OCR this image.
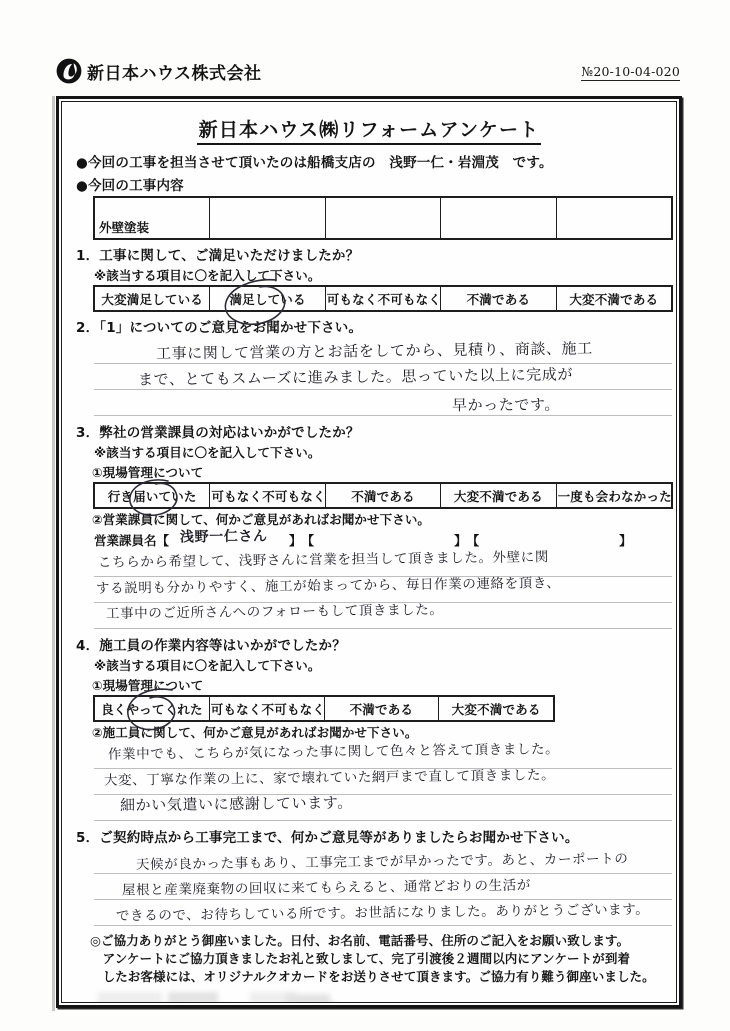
新日本ハウス株式会社	№20-10-04-020
新日本ハウス㈱リフォームアンケート
●今回の工事を担当させて頂いたのは船橋支店の　浅野一仁・岩淵茂　です。
●今回の工事内容
外壁塗装				
1．工事に関して、ご満足いただけましたか？
※該当する項目に〇を記入して下さい。
大変満足している	満足している	可もなく不可もなく	不満である	大変不満である
2．「1」についてのご意見をお聞かせ下さい。
工事に関して営業の方とお話をしてから、見積り、商談、施工
まで、とてもスムーズに進みました。思っていた以上に完成が
早かったです。
3．弊社の営業課員の対応はいかがでしたか？
※該当する項目に〇を記入して下さい。
①現場管理について
行き届いていた	可もなく不可もなく	不満である	大変不満である	一度も会わなかった
②営業課員に関して、何かご意見があればお聞かせ下さい。
営業課員名 【	】 【	】 【	】
浅野一仁さん
こちらから希望して、浅野さんに営業を担当して頂きました。外壁に関
する説明も分かりやすく、施工が始まってから、毎日作業の連絡を頂き、
工事中のご近所さんへのフォローもして頂きました。
4．施工員の作業内容等はいかがでしたか？
※該当する項目に〇を記入して下さい。
①現場管理について
良くやってくれた	可もなく不可もなく	不満である	大変不満である
②施工員に関して、何かご意見があればお聞かせ下さい。
作業中でも、こちらが気になった事に関して色々と答えて頂きました。
大変、丁寧な作業の上に、家で壊れていた網戸まで直して頂きました。
細かい気遣いに感謝しています。
5．ご契約時点から工事完工まで、何かご意見等がありましたらお聞かせ下さい。
天候が良かった事もあり、工事完工までが早かったです。あと、カーポートの
屋根と産業廃棄物の回収に来てもらえると、通常どおりの生活が
できるので、お待ちしている所です。お世話になりました。ありがとうございます。
◎ご協力ありがとう御座いました。日付、お名前、電話番号、住所のご記入をお願い致します。
　アンケートにご協力頂きましたお礼と致しまして、完了引渡後２週間以内にアンケートが到着
　したお客様には、オリジナルクオカードをお送りさせて頂きます。ご協力有り難う御座いました。
